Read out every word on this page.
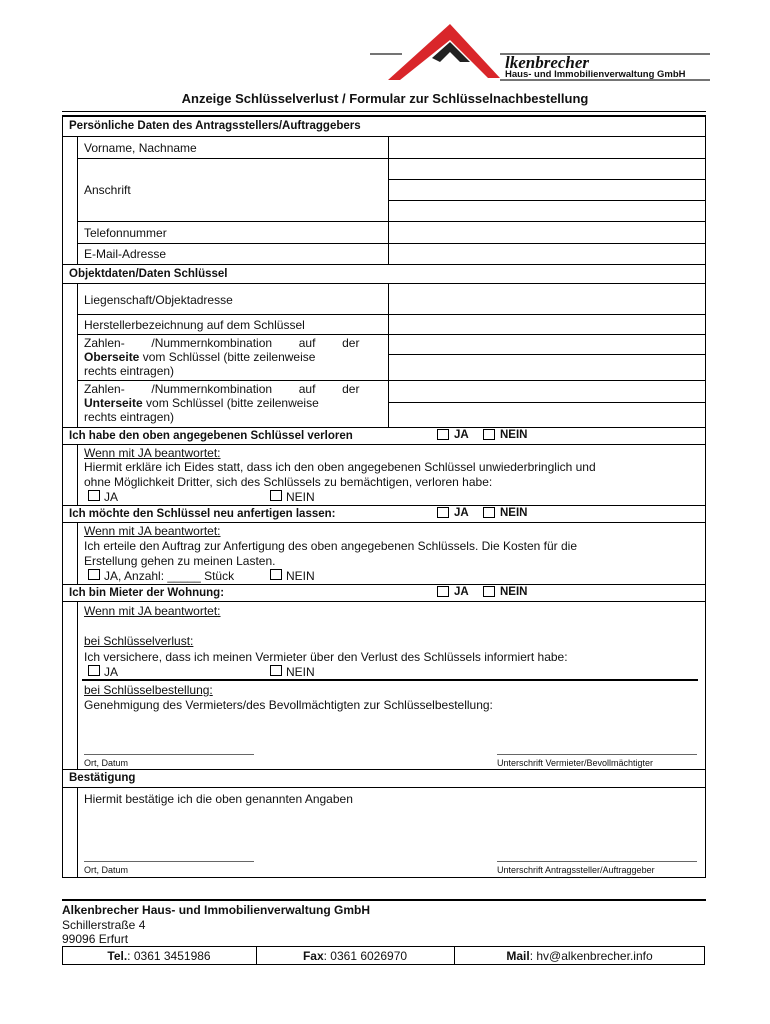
lkenbrecher
Haus- und Immobilienverwaltung GmbH
Anzeige Schlüsselverlust / Formular zur Schlüsselnachbestellung
Persönliche Daten des Antragsstellers/Auftraggebers
Vorname, Nachname
Anschrift
Telefonnummer
E-Mail-Adresse
Objektdaten/Daten Schlüssel
Liegenschaft/Objektadresse
Herstellerbezeichnung auf dem Schlüssel
Zahlen-        /Nummernkombination        auf        der
Oberseite vom Schlüssel (bitte zeilenweise
rechts eintragen)
Zahlen-        /Nummernkombination        auf        der
Unterseite vom Schlüssel (bitte zeilenweise
rechts eintragen)
Ich habe den oben angegebenen Schlüssel verloren	JA	NEIN
Wenn mit JA beantwortet:
Hiermit erkläre ich Eides statt, dass ich den oben angegebenen Schlüssel unwiederbringlich und
ohne Möglichkeit Dritter, sich des Schlüssels zu bemächtigen, verloren habe:
JA	NEIN
Ich möchte den Schlüssel neu anfertigen lassen:	JA	NEIN
Wenn mit JA beantwortet:
Ich erteile den Auftrag zur Anfertigung des oben angegebenen Schlüssels. Die Kosten für die
Erstellung gehen zu meinen Lasten.
JA, Anzahl: _____ Stück	NEIN
Ich bin Mieter der Wohnung:	JA	NEIN
Wenn mit JA beantwortet:
bei Schlüsselverlust:
Ich versichere, dass ich meinen Vermieter über den Verlust des Schlüssels informiert habe:
JA	NEIN
bei Schlüsselbestellung:
Genehmigung des Vermieters/des Bevollmächtigten zur Schlüsselbestellung:
Ort, Datum	Unterschrift Vermieter/Bevollmächtigter
Bestätigung
Hiermit bestätige ich die oben genannten Angaben
Ort, Datum	Unterschrift Antragssteller/Auftraggeber
Alkenbrecher Haus- und Immobilienverwaltung GmbH
Schillerstraße 4
99096 Erfurt
Tel.: 0361 3451986	Fax: 0361 6026970	Mail: hv@alkenbrecher.info
